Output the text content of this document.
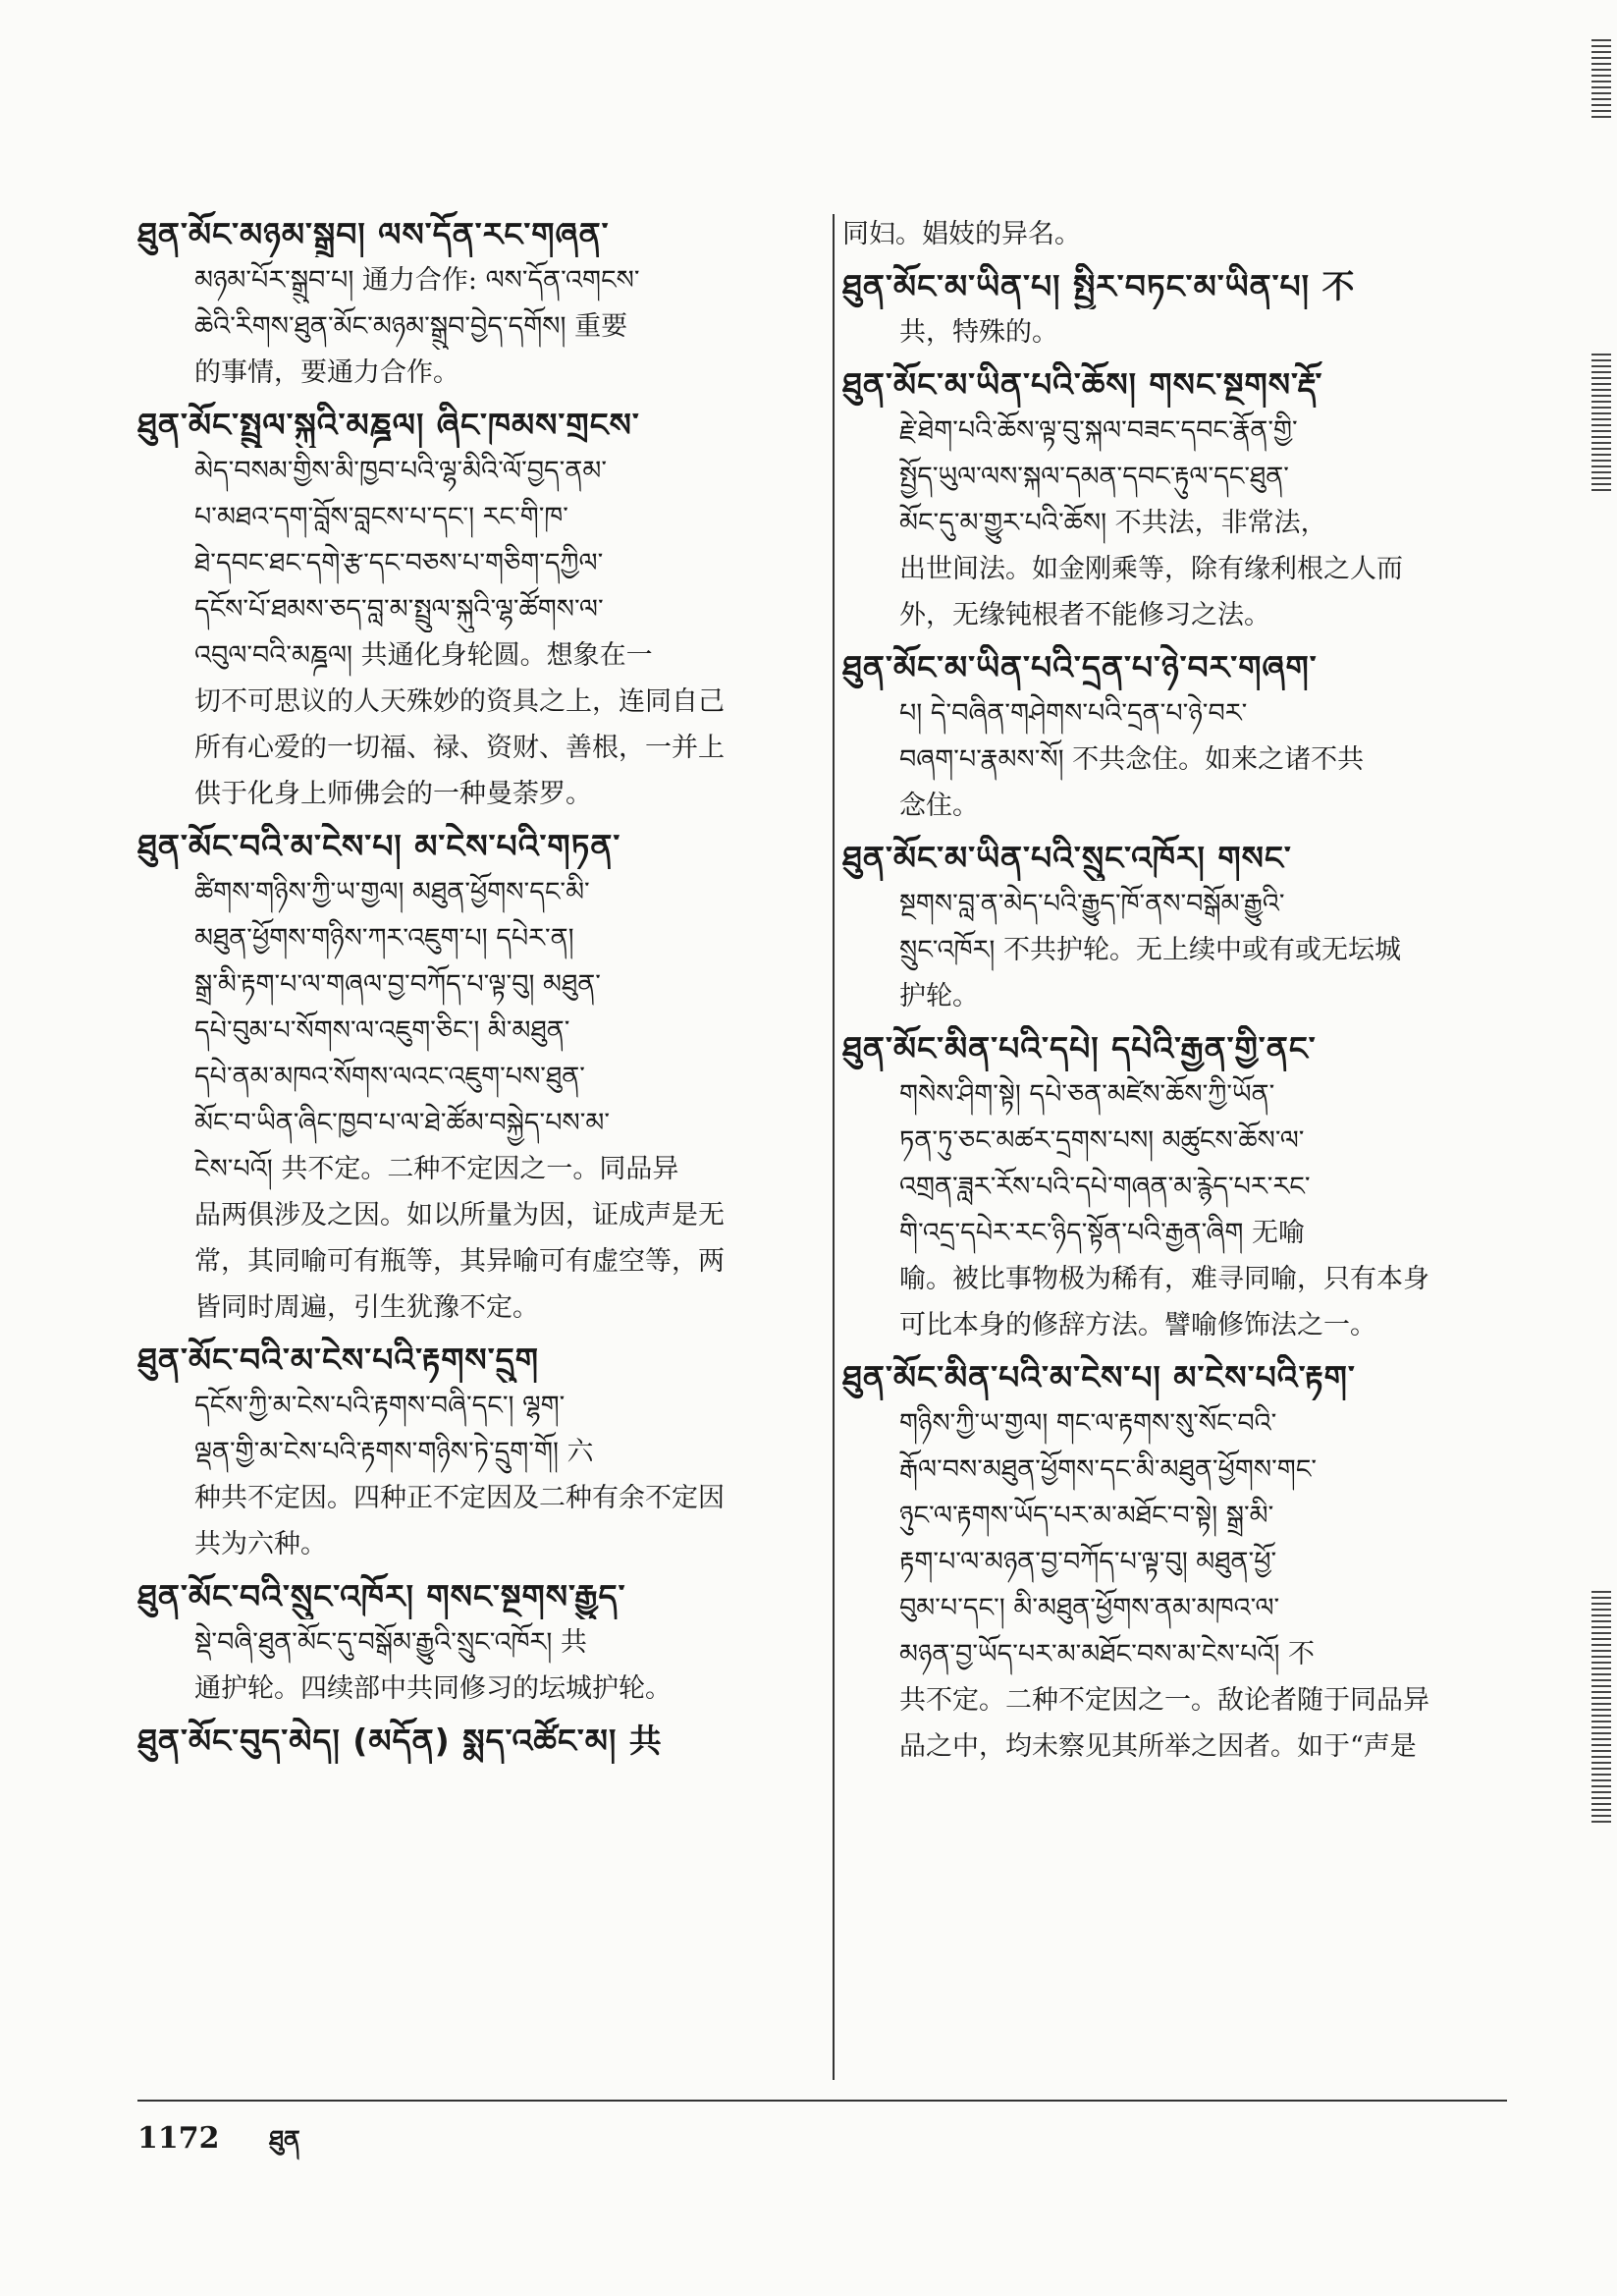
ཐུན་མོང་མཉམ་སྒྲུབ། ལས་དོན་རང་གཞན་
མཉམ་པོར་སྒྲུབ་པ། 通力合作: ལས་དོན་འགངས་
ཆེའི་རིགས་ཐུན་མོང་མཉམ་སྒྲུབ་བྱེད་དགོས། 重要
的事情，要通力合作。
ཐུན་མོང་སྤྲུལ་སྐུའི་མཎྜལ། ཞིང་ཁམས་གྲངས་
མེད་བསམ་གྱིས་མི་ཁྱབ་པའི་ལྷ་མིའི་ལོ་བྱད་ནམ་
པ་མཐའ་དག་བློས་བླངས་པ་དང་། རང་གི་ཁ་
ཐེ་དབང་ཐང་དགེ་རྩ་དང་བཅས་པ་གཅིག་དཀྱིལ་
དངོས་པོ་ཐམས་ཅད་བླ་མ་སྤྲུལ་སྐུའི་ལྷ་ཚོགས་ལ་
འབུལ་བའི་མཎྜལ། 共通化身轮圆。想象在一
切不可思议的人天殊妙的资具之上，连同自己
所有心爱的一切福、禄、资财、善根，一并上
供于化身上师佛会的一种曼荼罗。
ཐུན་མོང་བའི་མ་ངེས་པ། མ་ངེས་པའི་གཏན་
ཚིགས་གཉིས་ཀྱི་ཡ་གྱལ། མཐུན་ཕྱོགས་དང་མི་
མཐུན་ཕྱོགས་གཉིས་ཀར་འཇུག་པ། དཔེར་ན།
སྒྲ་མི་རྟག་པ་ལ་གཞལ་བྱ་བཀོད་པ་ལྟ་བུ། མཐུན་
དཔེ་བུམ་པ་སོགས་ལ་འཇུག་ཅིང་། མི་མཐུན་
དཔེ་ནམ་མཁའ་སོགས་ལའང་འཇུག་པས་ཐུན་
མོང་བ་ཡིན་ཞིང་ཁྱབ་པ་ལ་ཐེ་ཚོམ་བསྐྱེད་པས་མ་
ངེས་པའོ། 共不定。二种不定因之一。同品异
品两俱涉及之因。如以所量为因，证成声是无
常，其同喻可有瓶等，其异喻可有虚空等，两
皆同时周遍，引生犹豫不定。
ཐུན་མོང་བའི་མ་ངེས་པའི་རྟགས་དྲུག
དངོས་ཀྱི་མ་ངེས་པའི་རྟགས་བཞི་དང་། ལྷག་
ལྡན་གྱི་མ་ངེས་པའི་རྟགས་གཉིས་ཏེ་དྲུག་གོ། 六
种共不定因。四种正不定因及二种有余不定因
共为六种。
ཐུན་མོང་བའི་སྲུང་འཁོར། གསང་སྔགས་རྒྱུད་
སྡེ་བཞི་ཐུན་མོང་དུ་བསྒོམ་རྒྱུའི་སྲུང་འཁོར། 共
通护轮。四续部中共同修习的坛城护轮。
ཐུན་མོང་བུད་མེད། (མདོན) སྨད་འཚོང་མ། 共
同妇。娼妓的异名。
ཐུན་མོང་མ་ཡིན་པ། སྤྱིར་བཏང་མ་ཡིན་པ། 不
共，特殊的。
ཐུན་མོང་མ་ཡིན་པའི་ཆོས། གསང་སྔགས་རྡོ་
རྗེ་ཐེག་པའི་ཆོས་ལྟ་བུ་སྐལ་བཟང་དབང་རྣོན་གྱི་
སྤྱོད་ཡུལ་ལས་སྐལ་དམན་དབང་རྟུལ་དང་ཐུན་
མོང་དུ་མ་གྱུར་པའི་ཆོས། 不共法，非常法，
出世间法。如金刚乘等，除有缘利根之人而
外，无缘钝根者不能修习之法。
ཐུན་མོང་མ་ཡིན་པའི་དྲན་པ་ཉེ་བར་གཞག་
པ། དེ་བཞིན་གཤེགས་པའི་དྲན་པ་ཉེ་བར་
བཞག་པ་རྣམས་སོ། 不共念住。如来之诸不共
念住。
ཐུན་མོང་མ་ཡིན་པའི་སྲུང་འཁོར། གསང་
སྔགས་བླ་ན་མེད་པའི་རྒྱུད་ཁོ་ནས་བསྒོམ་རྒྱུའི་
སྲུང་འཁོར། 不共护轮。无上续中或有或无坛城
护轮。
ཐུན་མོང་མིན་པའི་དཔེ། དཔེའི་རྒྱན་གྱི་ནང་
གསེས་ཤིག་སྟེ། དཔེ་ཅན་མཛེས་ཆོས་ཀྱི་ཡོན་
ཏན་ཏུ་ཅང་མཚར་དྲགས་པས། མཚུངས་ཆོས་ལ་
འགྲན་ཟླར་རོས་པའི་དཔེ་གཞན་མ་རྙེད་པར་རང་
གི་འདྲ་དཔེར་རང་ཉིད་སྟོན་པའི་རྒྱན་ཞིག 无喻
喻。被比事物极为稀有，难寻同喻，只有本身
可比本身的修辞方法。譬喻修饰法之一。
ཐུན་མོང་མིན་པའི་མ་ངེས་པ། མ་ངེས་པའི་རྟག་
གཉིས་ཀྱི་ཡ་གྱལ། གང་ལ་རྟགས་སུ་སོང་བའི་
རྒོལ་བས་མཐུན་ཕྱོགས་དང་མི་མཐུན་ཕྱོགས་གང་
ཉུང་ལ་རྟགས་ཡོད་པར་མ་མཐོང་བ་སྟེ། སྒྲ་མི་
རྟག་པ་ལ་མཉན་བྱ་བཀོད་པ་ལྟ་བུ། མཐུན་ཕྱོ་
བུམ་པ་དང་། མི་མཐུན་ཕྱོགས་ནམ་མཁའ་ལ་
མཉན་བྱ་ཡོད་པར་མ་མཐོང་བས་མ་ངེས་པའོ། 不
共不定。二种不定因之一。敌论者随于同品异
品之中，均未察见其所举之因者。如于“声是
1172 ཐུན
